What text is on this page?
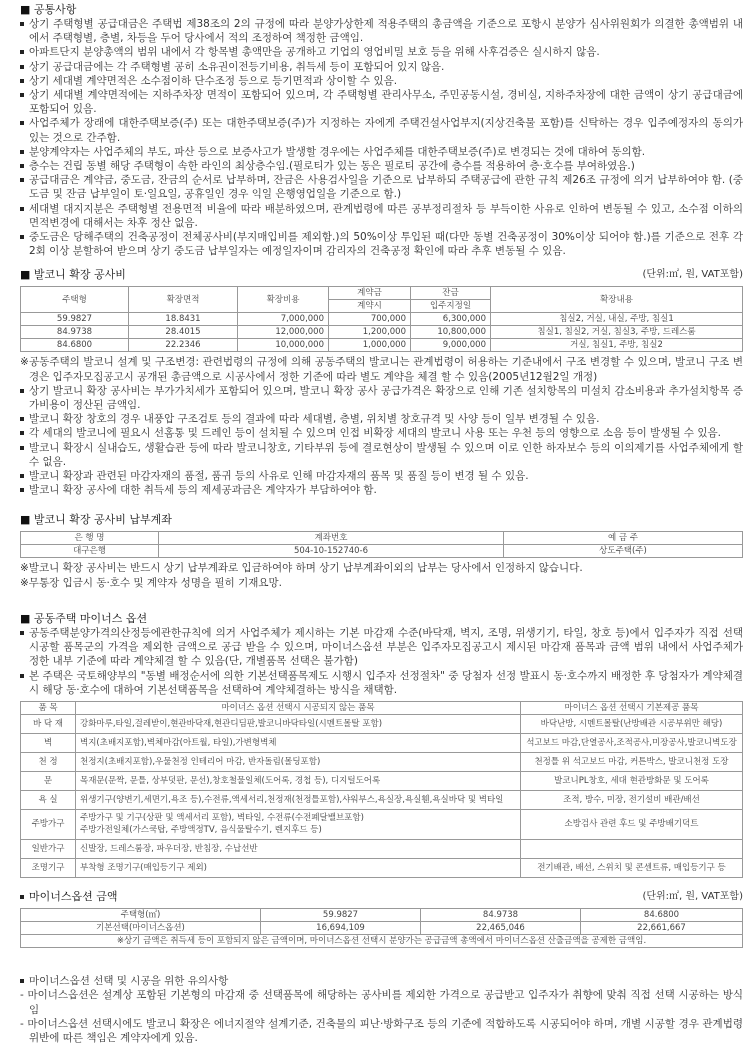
■ 공통사항
상기 주택형별 공급대금은 주택법 제38조의 2의 규정에 따라 분양가상한제 적용주택의 총금액을 기준으로 포항시 분양가 심사위원회가 의결한 총액범위 내에서 주택형별, 층별, 차등을 두어 당사에서 적의 조정하여 책정한 금액임.
아파트단지 분양총액의 범위 내에서 각 항목별 총액만을 공개하고 기업의 영업비밀 보호 등을 위해 사후검증은 실시하지 않음.
상기 공급대금에는 각 주택형별 공히 소유권이전등기비용, 취득세 등이 포함되어 있지 않음.
상기 세대별 계약면적은 소수점이하 단수조정 등으로 등기면적과 상이할 수 있음.
상기 세대별 계약면적에는 지하주차장 면적이 포함되어 있으며, 각 주택형별 관리사무소, 주민공동시설, 경비실, 지하주차장에 대한 금액이 상기 공급대금에 포함되어 있음.
사업주체가 장래에 대한주택보증(주) 또는 대한주택보증(주)가 지정하는 자에게 주택건설사업부지(지상건축물 포함)를 신탁하는 경우 입주예정자의 동의가 있는 것으로 간주함.
분양계약자는 사업주체의 부도, 파산 등으로 보증사고가 발생할 경우에는 사업주체를 대한주택보증(주)로 변경되는 것에 대하여 동의함.
층수는 건립 동별 해당 주택형이 속한 라인의 최상층수임.(필로티가 있는 동은 필로티 공간에 층수를 적용하여 층·호수를 부여하였음.)
공급대금은 계약금, 중도금, 잔금의 순서로 납부하며, 잔금은 사용검사일을 기준으로 납부하되 주택공급에 관한 규칙 제26조 규정에 의거 납부하여야 함. (중도금 및 잔금 납부일이 토·일요일, 공휴일인 경우 익일 은행영업일을 기준으로 함.)
세대별 대지지분은 주택형별 전용면적 비율에 따라 배분하였으며, 관계법령에 따른 공부정리절차 등 부득이한 사유로 인하여 변동될 수 있고, 소수점 이하의 면적변경에 대해서는 차후 정산 없음.
중도금은 당해주택의 건축공정이 전체공사비(부지매입비를 제외함.)의 50%이상 투입된 때(다만 동별 건축공정이 30%이상 되어야 함.)를 기준으로 전후 각2회 이상 분할하여 받으며 상기 중도금 납부일자는 예정일자이며 감리자의 건축공정 확인에 따라 추후 변동될 수 있음.
■ 발코니 확장 공사비	(단위:㎡, 원, VAT포함)
주택형	확장면적	확장비용	계약금	잔금	확장내용
			계약시	입주지정일	
59.9827	18.8431	7,000,000	700,000	6,300,000	침실2, 거실, 내실, 주방, 침실1
84.9738	28.4015	12,000,000	1,200,000	10,800,000	침실1, 침실2, 거실, 침실3, 주방, 드레스룸
84.6800	22.2346	10,000,000	1,000,000	9,000,000	거실, 침실1, 주방, 침실2
※공동주택의 발코니 설계 및 구조변경: 관련법령의 규정에 의해 공동주택의 발코니는 관계법령이 허용하는 기준내에서 구조 변경할 수 있으며, 발코니 구조 변경은 입주자모집공고시 공개된 총금액으로 시공사에서 정한 기준에 따라 별도 계약을 체결 할 수 있음(2005년12월2일 개정)
상기 발코니 확장 공사비는 부가가치세가 포함되어 있으며, 발코니 확장 공사 공급가격은 확장으로 인해 기존 설치항목의 미설치 감소비용과 추가설치항목 증가비용이 정산된 금액임.
발코니 확장 창호의 경우 내풍압 구조검토 등의 결과에 따라 세대별, 층별, 위치별 창호규격 및 사양 등이 일부 변경될 수 있음.
각 세대의 발코니에 필요시 선홈통 및 드레인 등이 설치될 수 있으며 인접 비확장 세대의 발코니 사용 또는 우천 등의 영향으로 소음 등이 발생될 수 있음.
발코니 확장시 실내습도, 생활습관 등에 따라 발코니창호, 기타부위 등에 결로현상이 발생될 수 있으며 이로 인한 하자보수 등의 이의제기를 사업주체에게 할 수 없음.
발코니 확장과 관련된 마감자재의 품절, 품귀 등의 사유로 인해 마감자재의 품목 및 품질 등이 변경 될 수 있음.
발코니 확장 공사에 대한 취득세 등의 제세공과금은 계약자가 부담하여야 함.
■ 발코니 확장 공사비 납부계좌
은 행 명	계좌번호	예 금 주
대구은행	504-10-152740-6	상도주택(주)
※발코니 확장 공사비는 반드시 상기 납부계좌로 입금하여야 하며 상기 납부계좌이외의 납부는 당사에서 인정하지 않습니다.
※무통장 입금시 동·호수 및 계약자 성명을 필히 기재요망.
■ 공동주택 마이너스 옵션
공동주택분양가격의산정등에관한규칙에 의거 사업주체가 제시하는 기본 마감재 수준(바닥재, 벽지, 조명, 위생기기, 타일, 창호 등)에서 입주자가 직접 선택 시공할 품목군의 가격을 제외한 금액으로 공급 받을 수 있으며, 마이너스옵션 부분은 입주자모집공고시 제시된 마감재 품목과 금액 범위 내에서 사업주체가 정한 내부 기준에 따라 계약체결 할 수 있음(단, 개별품목 선택은 불가함)
본 주택은 국토해양부의 "동별 배정순서에 의한 기본선택품목제도 시행시 입주자 선정절차" 중 당첨자 선정 발표시 동·호수까지 배정한 후 당첨자가 계약체결시 해당 동·호수에 대하여 기본선택품목을 선택하여 계약체결하는 방식을 채택함.
품 목	마이너스 옵션 선택시 시공되지 않는 품목	마이너스 옵션 선택시 기본제공 품목
바 닥 재	강화마루,타일,걸레받이,현관바닥재,현관디딤판,발코니바닥타일(시멘트몰탈 포함)	바닥난방, 시멘트몰탈(난방배관 시공부위만 해당)
벽	벽지(초배지포함),벽체마감(아트월, 타일),가변형벽체	석고보드 마감,단열공사,조적공사,미장공사,발코니벽도장
천 정	천정지(초배지포함),우물천정 인테리어 마감, 반자돌림(몰딩포함)	천정틀 위 석고보드 마감, 커튼박스, 발코니천정 도장
문	목재문(문짝, 문틀, 상부덧판, 문선),창호철물일체(도어록, 경첩 등), 디지털도어록	발코니PL창호, 세대 현관방화문 및 도어록
욕 실	위생기구(양변기,세면기,욕조 등),수전류,액세서리,천정재(천정틀포함),샤워부스,욕실장,욕실휀,욕실바닥 및 벽타일	조적, 방수, 미장, 전기설비 배관/배선
주방가구	주방가구 및 기구(상판 및 액세서리 포함), 벽타일, 수전류(수전폐달밸브포함)
주방가전일체(가스쿡탑, 주방액정TV, 음식물탈수기, 렌지후드 등)	소방검사 관련 후드 및 주방배기덕트
일반가구	신발장, 드레스룸장, 파우더장, 반침장, 수납선반	
조명기구	부착형 조명기구(매입등기구 제외)	전기배관, 배선, 스위치 및 콘센트류, 매입등기구 등
마이너스옵션 금액	(단위:㎡, 원, VAT포함)
주택형(㎡)	59.9827	84.9738	84.6800
기본선택(마이너스옵션)	16,694,109	22,465,046	22,661,667
※상기 금액은 취득세 등이 포함되지 않은 금액이며, 마이너스옵션 선택시 분양가는 공급금액 총액에서 마이너스옵션 산출금액을 공제한 금액임.			
마이너스옵션 선택 및 시공을 위한 유의사항
- 마이너스옵션은 설계상 포함된 기본형의 마감재 중 선택품목에 해당하는 공사비를 제외한 가격으로 공급받고 입주자가 취향에 맞춰 직접 선택 시공하는 방식임
- 마이너스옵션 선택시에도 발코니 확장은 에너지절약 설계기준, 건축물의 피난·방화구조 등의 기준에 적합하도록 시공되어야 하며, 개별 시공할 경우 관계법령 위반에 따른 책임은 계약자에게 있음.
